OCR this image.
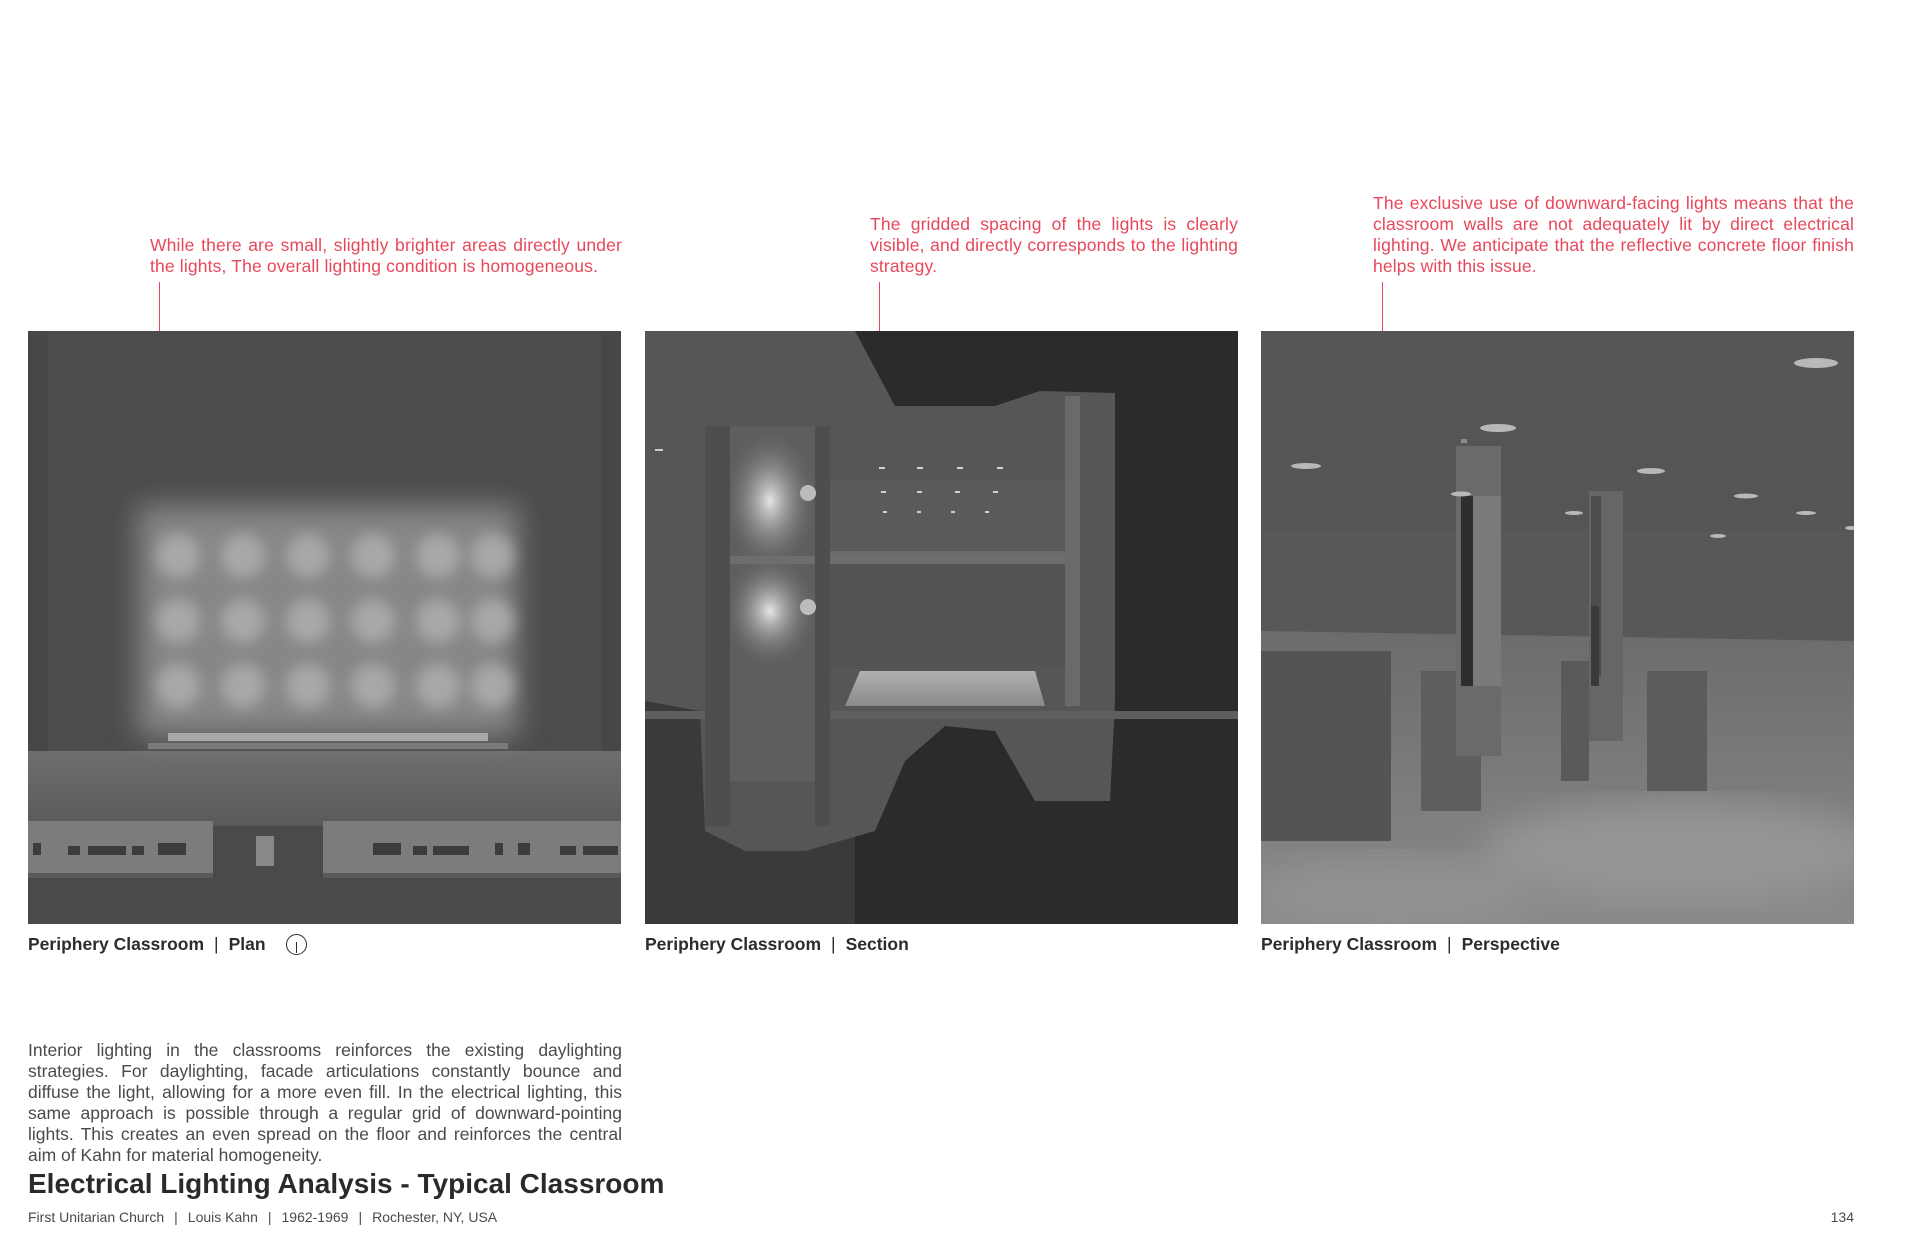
While there are small, slightly brighter areas directly under the lights, The overall lighting condition is homogeneous.
The gridded spacing of the lights is clearly visible, and directly corresponds to the lighting strategy.
The exclusive use of downward-facing lights means that the classroom walls are not adequately lit by direct electrical lighting. We anticipate that the reflective concrete floor finish helps with this issue.
Periphery Classroom | Plan	Periphery Classroom | Section	Periphery Classroom | Perspective
Interior lighting in the classrooms reinforces the existing daylighting strategies. For daylighting, facade articulations constantly bounce and diffuse the light, allowing for a more even fill. In the electrical lighting, this same approach is possible through a regular grid of downward-pointing lights. This creates an even spread on the floor and reinforces the central aim of Kahn for material homogeneity.
Electrical Lighting Analysis - Typical Classroom
First Unitarian Church | Louis Kahn | 1962-1969 | Rochester, NY, USA	134
